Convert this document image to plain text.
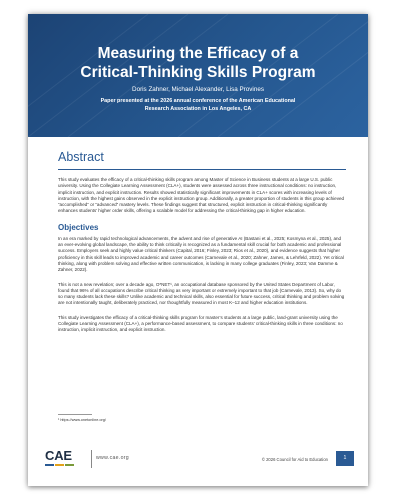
Measuring the Efficacy of a
Critical-Thinking Skills Program
Doris Zahner, Michael Alexander, Lisa Provines
Paper presented at the 2026 annual conference of the American Educational
Research Association in Los Angeles, CA
Abstract

This study evaluates the efficacy of a critical-thinking skills program among Master of Science in Business students at a large U.S. public university. Using the Collegiate Learning Assessment (CLA+), students were assessed across three instructional conditions: no instruction, implicit instruction, and explicit instruction. Results showed statistically significant improvements in CLA+ scores with increasing levels of instruction, with the highest gains observed in the explicit instruction group. Additionally, a greater proportion of students in this group achieved “accomplished” or “advanced” mastery levels. These findings suggest that structured, explicit instruction in critical-thinking significantly enhances students’ higher order skills, offering a scalable model for addressing the critical-thinking gap in higher education.

Objectives

In an era marked by rapid technological advancements, the advent and rise of generative AI (Bastani et al., 2025; Kosmyna et al., 2025), and an ever-evolving global landscape, the ability to think critically is recognized as a fundamental skill crucial for both academic and professional success. Employers seek and highly value critical thinkers (Capital, 2016; Finley, 2023; Rios et al., 2020), and evidence suggests that higher proficiency in this skill leads to improved academic and career outcomes (Carnevale et al., 2020; Zahner, James, & Lehrfeld, 2022). Yet critical thinking, along with problem solving and effective written communication, is lacking in many college graduates (Finley, 2023; Van Damme & Zahner, 2022).

This is not a new revelation; over a decade ago, O*NET¹, an occupational database sponsored by the United States Department of Labor, found that 96% of all occupations describe critical thinking as very important or extremely important to that job (Carnevale, 2013). So, why do so many students lack these skills? Unlike academic and technical skills, also essential for future success, critical thinking and problem solving are not intentionally taught, deliberately practiced, nor thoughtfully measured in most K–12 and higher education institutions.

This study investigates the efficacy of a critical-thinking skills program for master’s students at a large public, land-grant university using the Collegiate Learning Assessment (CLA+), a performance-based assessment, to compare students’ critical-thinking skills in three conditions: no instruction, implicit instruction, and explicit instruction.

¹ https://www.onetonline.org/
CAE	www.cae.org	© 2026 Council for Aid to Education	1
